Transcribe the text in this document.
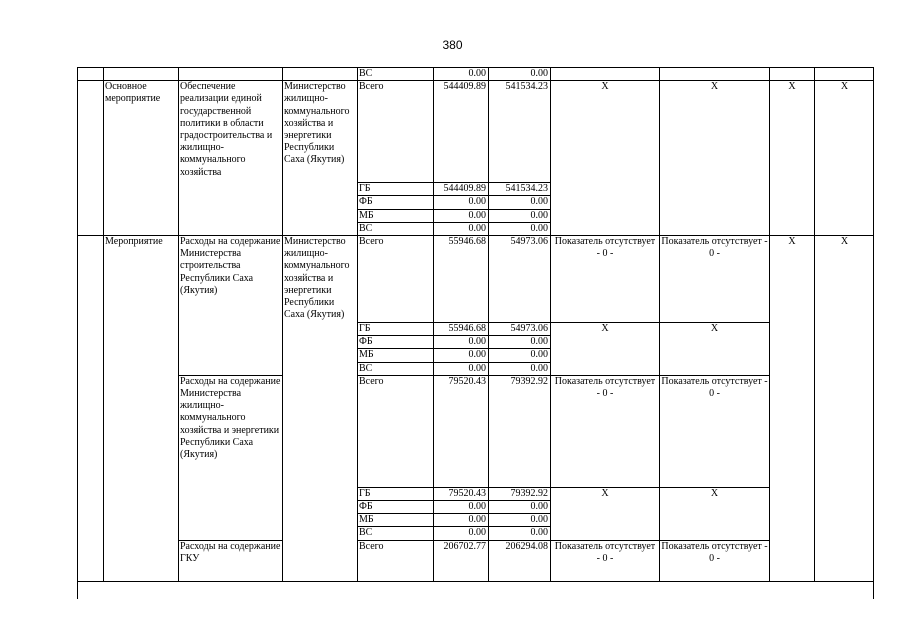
380
				ВС	0.00	0.00				
	Основное мероприятие	Обеспечение реализации единой государственной политики в области градостроительства и жилищно-коммунального хозяйства	Министерство жилищно-коммунального хозяйства и энергетики Республики Саха (Якутия)	Всего	544409.89	541534.23	X	X	X	X
				ГБ	544409.89	541534.23				
				ФБ	0.00	0.00				
				МБ	0.00	0.00				
				ВС	0.00	0.00				
	Мероприятие	Расходы на содержание Министерства строительства Республики Саха (Якутия)	Министерство жилищно-коммунального хозяйства и энергетики Республики Саха (Якутия)	Всего	55946.68	54973.06	Показатель отсутствует - 0 -	Показатель отсутствует - 0 -	X	X
				ГБ	55946.68	54973.06	X	X		
				ФБ	0.00	0.00				
				МБ	0.00	0.00				
				ВС	0.00	0.00				
		Расходы на содержание Министерства жилищно-коммунального хозяйства и энергетики Республики Саха (Якутия)		Всего	79520.43	79392.92	Показатель отсутствует - 0 -	Показатель отсутствует - 0 -		
				ГБ	79520.43	79392.92	X	X		
				ФБ	0.00	0.00				
				МБ	0.00	0.00				
				ВС	0.00	0.00				
		Расходы на содержание ГКУ		Всего	206702.77	206294.08	Показатель отсутствует - 0 -	Показатель отсутствует - 0 -		
